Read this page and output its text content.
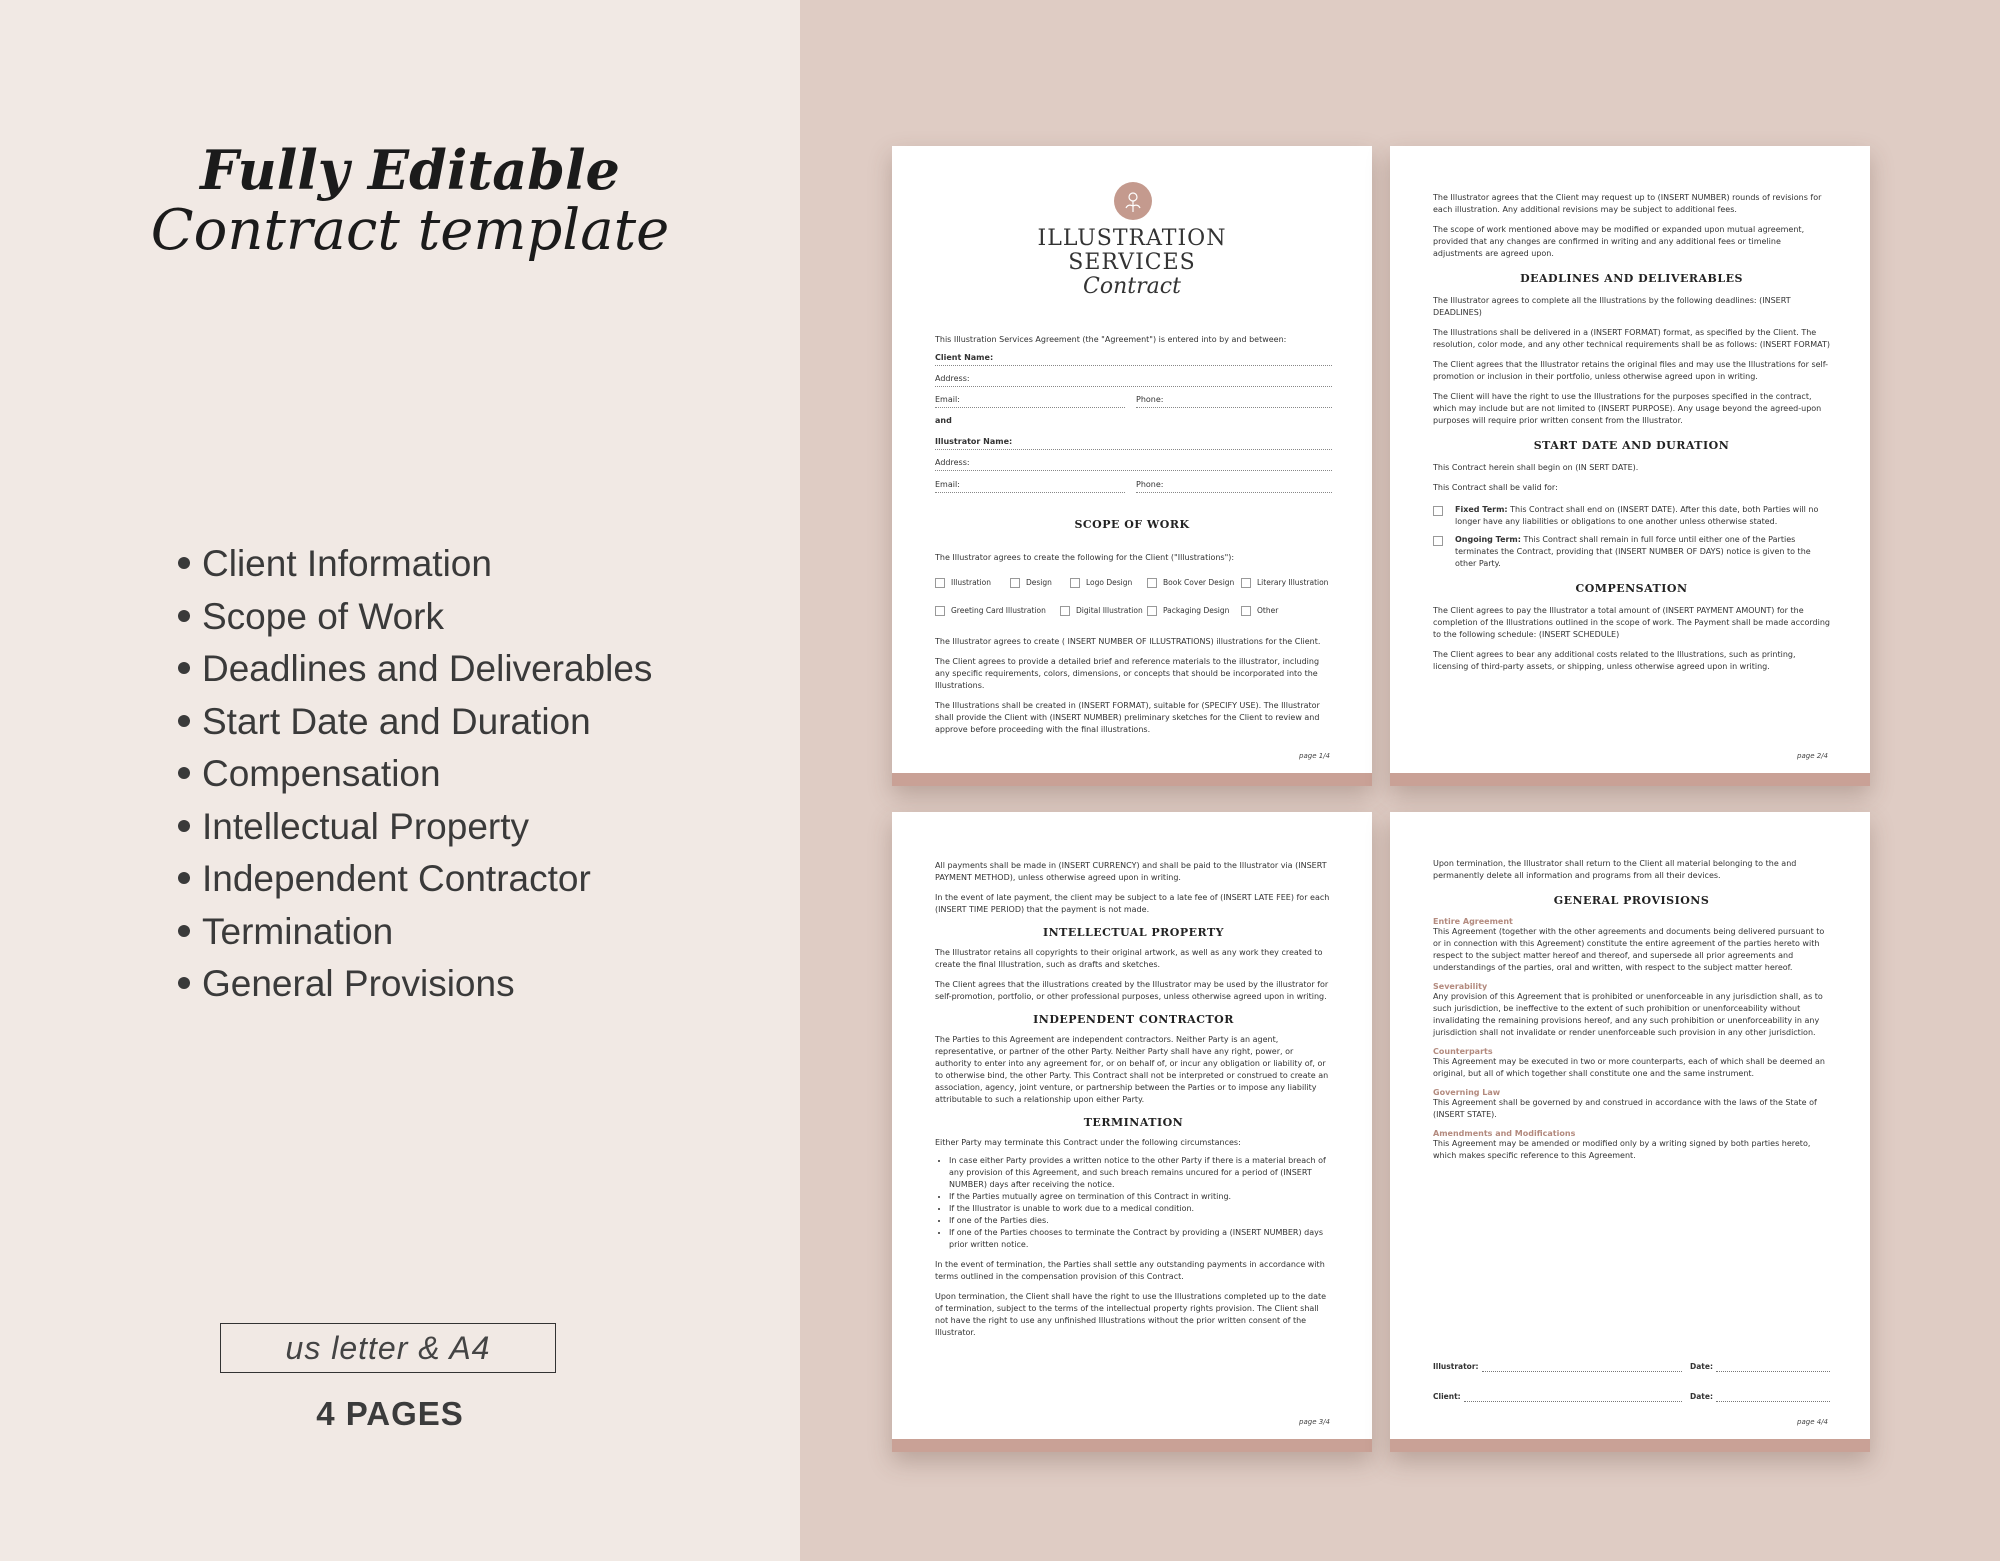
Fully Editable
Contract template
Client Information
Scope of Work
Deadlines and Deliverables
Start Date and Duration
Compensation
Intellectual Property
Independent Contractor
Termination
General Provisions
us letter & A4
4 PAGES
ILLUSTRATION
SERVICES
Contract

This Illustration Services Agreement (the "Agreement") is entered into by and between:

Client Name:
Address:
Email:	Phone:
and
Illustrator Name:
Address:
Email:	Phone:
SCOPE OF WORK

The Illustrator agrees to create the following for the Client ("Illustrations"):

Illustration	Design	Logo Design	Book Cover Design	Literary Illustration
Greeting Card Illustration	Digital Illustration	Packaging Design	Other

The Illustrator agrees to create ( INSERT NUMBER OF ILLUSTRATIONS) illustrations for the Client.

The Client agrees to provide a detailed brief and reference materials to the illustrator, including any specific requirements, colors, dimensions, or concepts that should be incorporated into the Illustrations.

The Illustrations shall be created in (INSERT FORMAT), suitable for (SPECIFY USE). The Illustrator shall provide the Client with (INSERT NUMBER) preliminary sketches for the Client to review and approve before proceeding with the final illustrations.

page 1/4

The Illustrator agrees that the Client may request up to (INSERT NUMBER) rounds of revisions for each illustration. Any additional revisions may be subject to additional fees.

The scope of work mentioned above may be modified or expanded upon mutual agreement, provided that any changes are confirmed in writing and any additional fees or timeline adjustments are agreed upon.

DEADLINES AND DELIVERABLES

The Illustrator agrees to complete all the Illustrations by the following deadlines: (INSERT DEADLINES)

The Illustrations shall be delivered in a (INSERT FORMAT) format, as specified by the Client. The resolution, color mode, and any other technical requirements shall be as follows: (INSERT FORMAT)

The Client agrees that the Illustrator retains the original files and may use the Illustrations for self-promotion or inclusion in their portfolio, unless otherwise agreed upon in writing.

The Client will have the right to use the Illustrations for the purposes specified in the contract, which may include but are not limited to (INSERT PURPOSE). Any usage beyond the agreed-upon purposes will require prior written consent from the Illustrator.

START DATE AND DURATION

This Contract herein shall begin on (IN SERT DATE).

This Contract shall be valid for:

Fixed Term: This Contract shall end on (INSERT DATE). After this date, both Parties will no longer have any liabilities or obligations to one another unless otherwise stated.

Ongoing Term: This Contract shall remain in full force until either one of the Parties terminates the Contract, providing that (INSERT NUMBER OF DAYS) notice is given to the other Party.

COMPENSATION

The Client agrees to pay the Illustrator a total amount of (INSERT PAYMENT AMOUNT) for the completion of the Illustrations outlined in the scope of work. The Payment shall be made according to the following schedule: (INSERT SCHEDULE)

The Client agrees to bear any additional costs related to the Illustrations, such as printing, licensing of third-party assets, or shipping, unless otherwise agreed upon in writing.

page 2/4

All payments shall be made in (INSERT CURRENCY) and shall be paid to the Illustrator via (INSERT PAYMENT METHOD), unless otherwise agreed upon in writing.

In the event of late payment, the client may be subject to a late fee of (INSERT LATE FEE) for each (INSERT TIME PERIOD) that the payment is not made.

INTELLECTUAL PROPERTY

The Illustrator retains all copyrights to their original artwork, as well as any work they created to create the final Illustration, such as drafts and sketches.

The Client agrees that the illustrations created by the Illustrator may be used by the illustrator for self-promotion, portfolio, or other professional purposes, unless otherwise agreed upon in writing.

INDEPENDENT CONTRACTOR

The Parties to this Agreement are independent contractors. Neither Party is an agent, representative, or partner of the other Party. Neither Party shall have any right, power, or authority to enter into any agreement for, or on behalf of, or incur any obligation or liability of, or to otherwise bind, the other Party. This Contract shall not be interpreted or construed to create an association, agency, joint venture, or partnership between the Parties or to impose any liability attributable to such a relationship upon either Party.

TERMINATION

Either Party may terminate this Contract under the following circumstances:

• In case either Party provides a written notice to the other Party if there is a material breach of any provision of this Agreement, and such breach remains uncured for a period of (INSERT NUMBER) days after receiving the notice.
• If the Parties mutually agree on termination of this Contract in writing.
• If the Illustrator is unable to work due to a medical condition.
• If one of the Parties dies.
• If one of the Parties chooses to terminate the Contract by providing a (INSERT NUMBER) days prior written notice.

In the event of termination, the Parties shall settle any outstanding payments in accordance with terms outlined in the compensation provision of this Contract.

Upon termination, the Client shall have the right to use the Illustrations completed up to the date of termination, subject to the terms of the intellectual property rights provision. The Client shall not have the right to use any unfinished Illustrations without the prior written consent of the Illustrator.

page 3/4

Upon termination, the Illustrator shall return to the Client all material belonging to the and permanently delete all information and programs from all their devices.

GENERAL PROVISIONS
Entire Agreement

This Agreement (together with the other agreements and documents being delivered pursuant to or in connection with this Agreement) constitute the entire agreement of the parties hereto with respect to the subject matter hereof and thereof, and supersede all prior agreements and understandings of the parties, oral and written, with respect to the subject matter hereof.

Severability

Any provision of this Agreement that is prohibited or unenforceable in any jurisdiction shall, as to such jurisdiction, be ineffective to the extent of such prohibition or unenforceability without invalidating the remaining provisions hereof, and any such prohibition or unenforceability in any jurisdiction shall not invalidate or render unenforceable such provision in any other jurisdiction.

Counterparts

This Agreement may be executed in two or more counterparts, each of which shall be deemed an original, but all of which together shall constitute one and the same instrument.

Governing Law

This Agreement shall be governed by and construed in accordance with the laws of the State of (INSERT STATE).

Amendments and Modifications

This Agreement may be amended or modified only by a writing signed by both parties hereto, which makes specific reference to this Agreement.

Illustrator:	Date:
Client:	Date:
page 4/4
